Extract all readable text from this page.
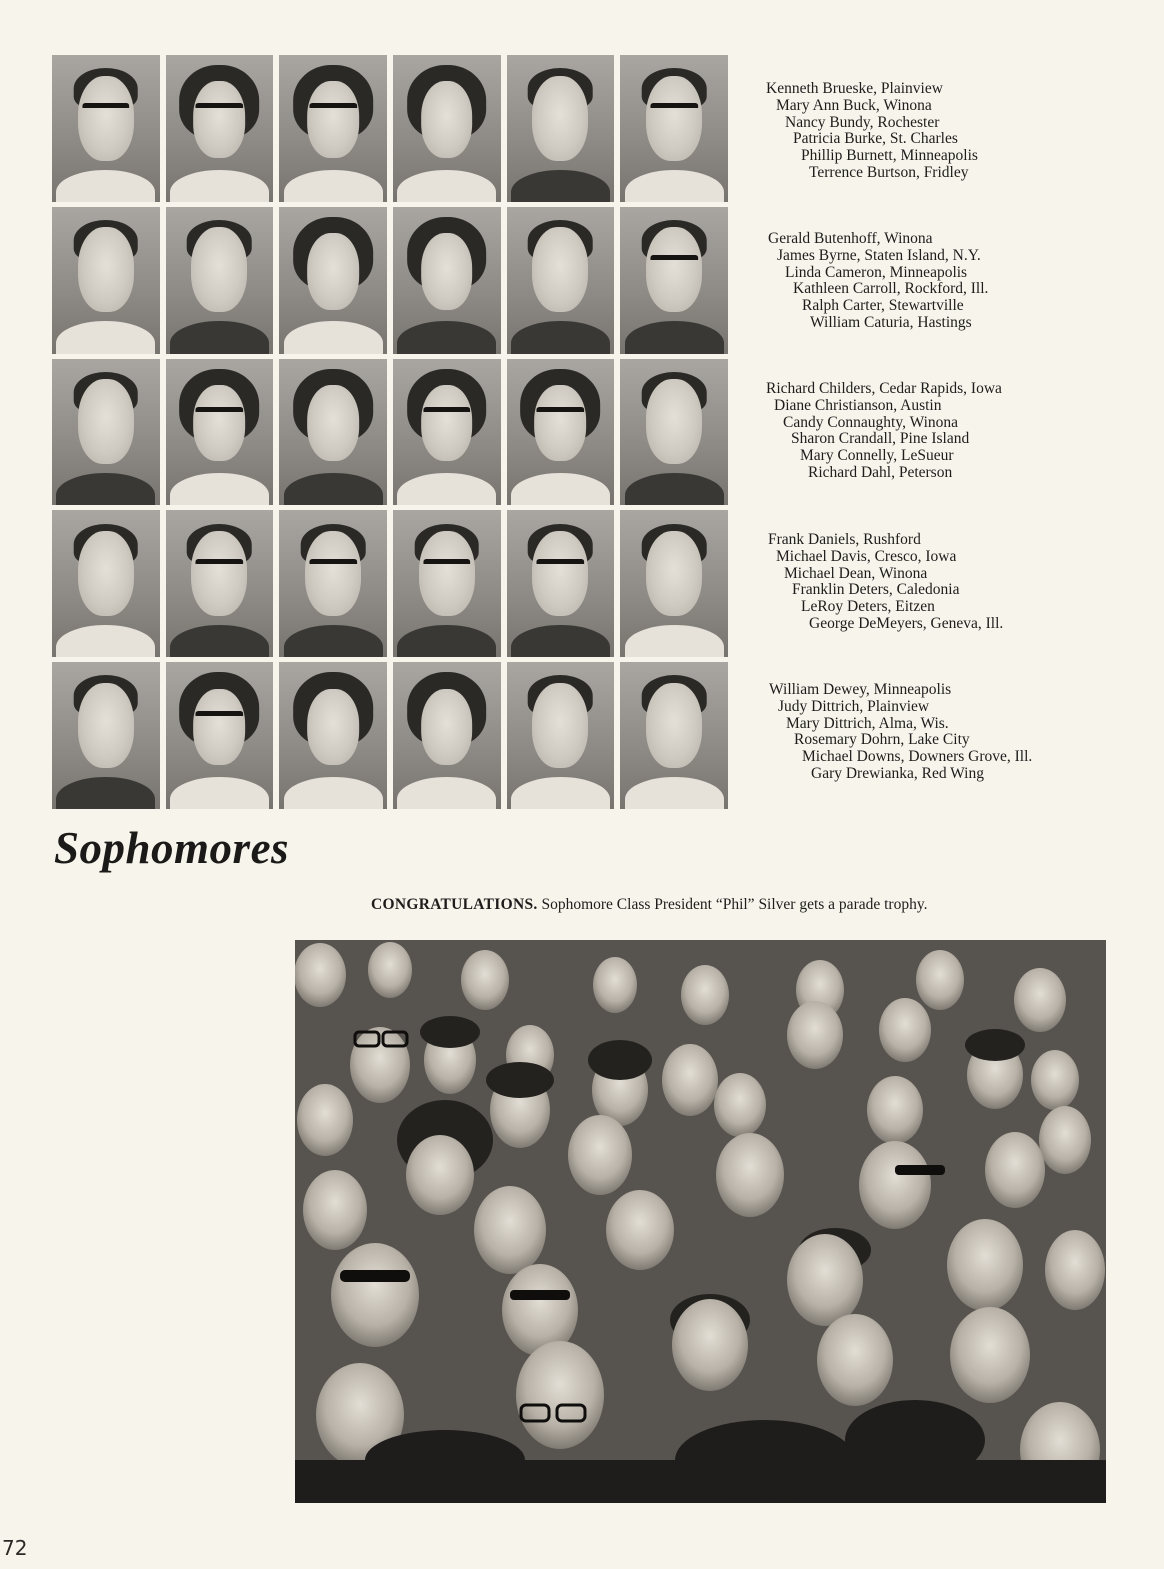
Kenneth Brueske, Plainview
Mary Ann Buck, Winona
Nancy Bundy, Rochester
Patricia Burke, St. Charles
Phillip Burnett, Minneapolis
Terrence Burtson, Fridley
Gerald Butenhoff, Winona
James Byrne, Staten Island, N.Y.
Linda Cameron, Minneapolis
Kathleen Carroll, Rockford, Ill.
Ralph Carter, Stewartville
William Caturia, Hastings
Richard Childers, Cedar Rapids, Iowa
Diane Christianson, Austin
Candy Connaughty, Winona
Sharon Crandall, Pine Island
Mary Connelly, LeSueur
Richard Dahl, Peterson
Frank Daniels, Rushford
Michael Davis, Cresco, Iowa
Michael Dean, Winona
Franklin Deters, Caledonia
LeRoy Deters, Eitzen
George DeMeyers, Geneva, Ill.
William Dewey, Minneapolis
Judy Dittrich, Plainview
Mary Dittrich, Alma, Wis.
Rosemary Dohrn, Lake City
Michael Downs, Downers Grove, Ill.
Gary Drewianka, Red Wing
Sophomores
CONGRATULATIONS. Sophomore Class President “Phil” Silver gets a parade trophy.
72
